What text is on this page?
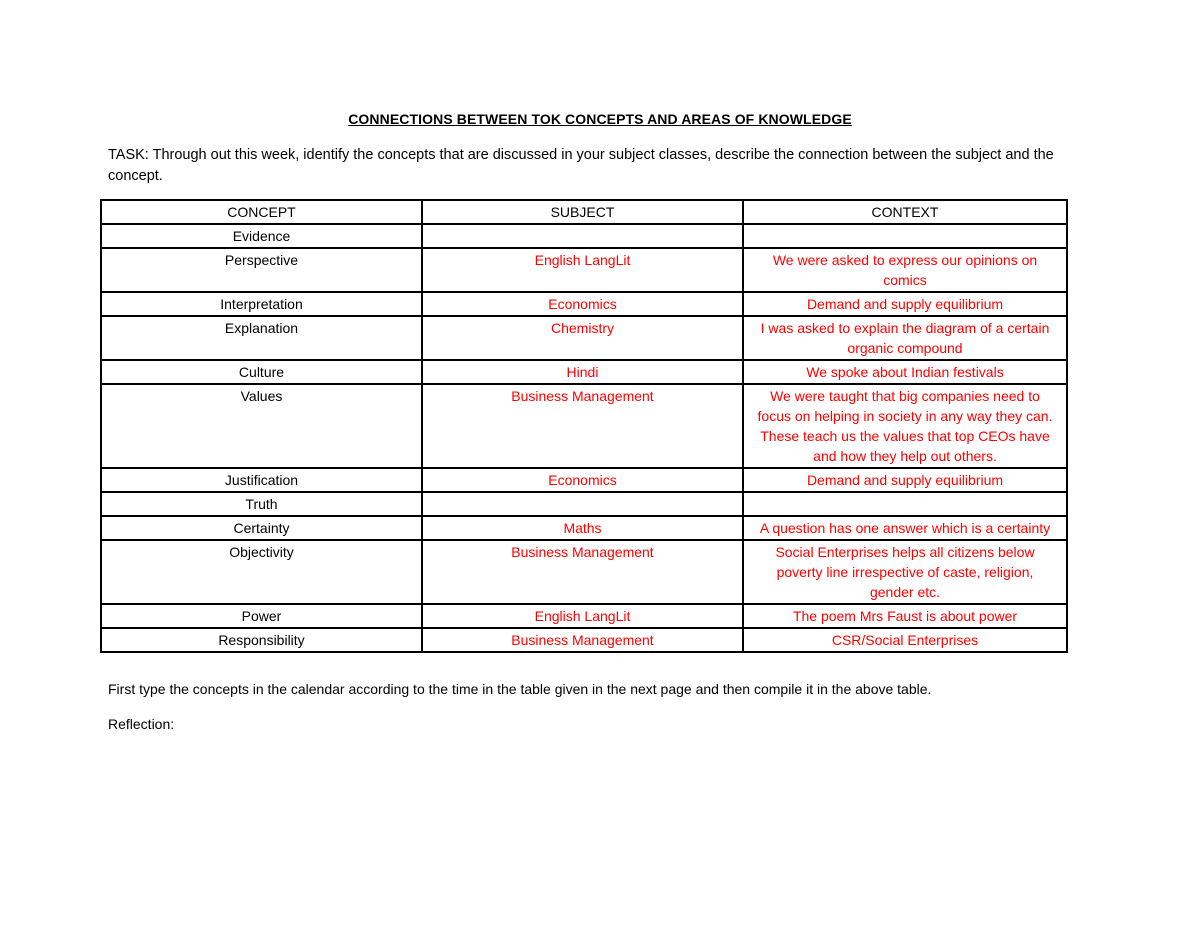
CONNECTIONS BETWEEN TOK CONCEPTS AND AREAS OF KNOWLEDGE
TASK: Through out this week, identify the concepts that are discussed in your subject classes, describe the connection between the subject and the concept.
CONCEPT	SUBJECT	CONTEXT
Evidence		
Perspective	English LangLit	We were asked to express our opinions on comics
Interpretation	Economics	Demand and supply equilibrium
Explanation	Chemistry	I was asked to explain the diagram of a certain organic compound
Culture	Hindi	We spoke about Indian festivals
Values	Business Management	We were taught that big companies need to focus on helping in society in any way they can. These teach us the values that top CEOs have and how they help out others.
Justification	Economics	Demand and supply equilibrium
Truth		
Certainty	Maths	A question has one answer which is a certainty
Objectivity	Business Management	Social Enterprises helps all citizens below poverty line irrespective of caste, religion, gender etc.
Power	English LangLit	The poem Mrs Faust is about power
Responsibility	Business Management	CSR/Social Enterprises
First type the concepts in the calendar according to the time in the table given in the next page and then compile it in the above table.
Reflection:
